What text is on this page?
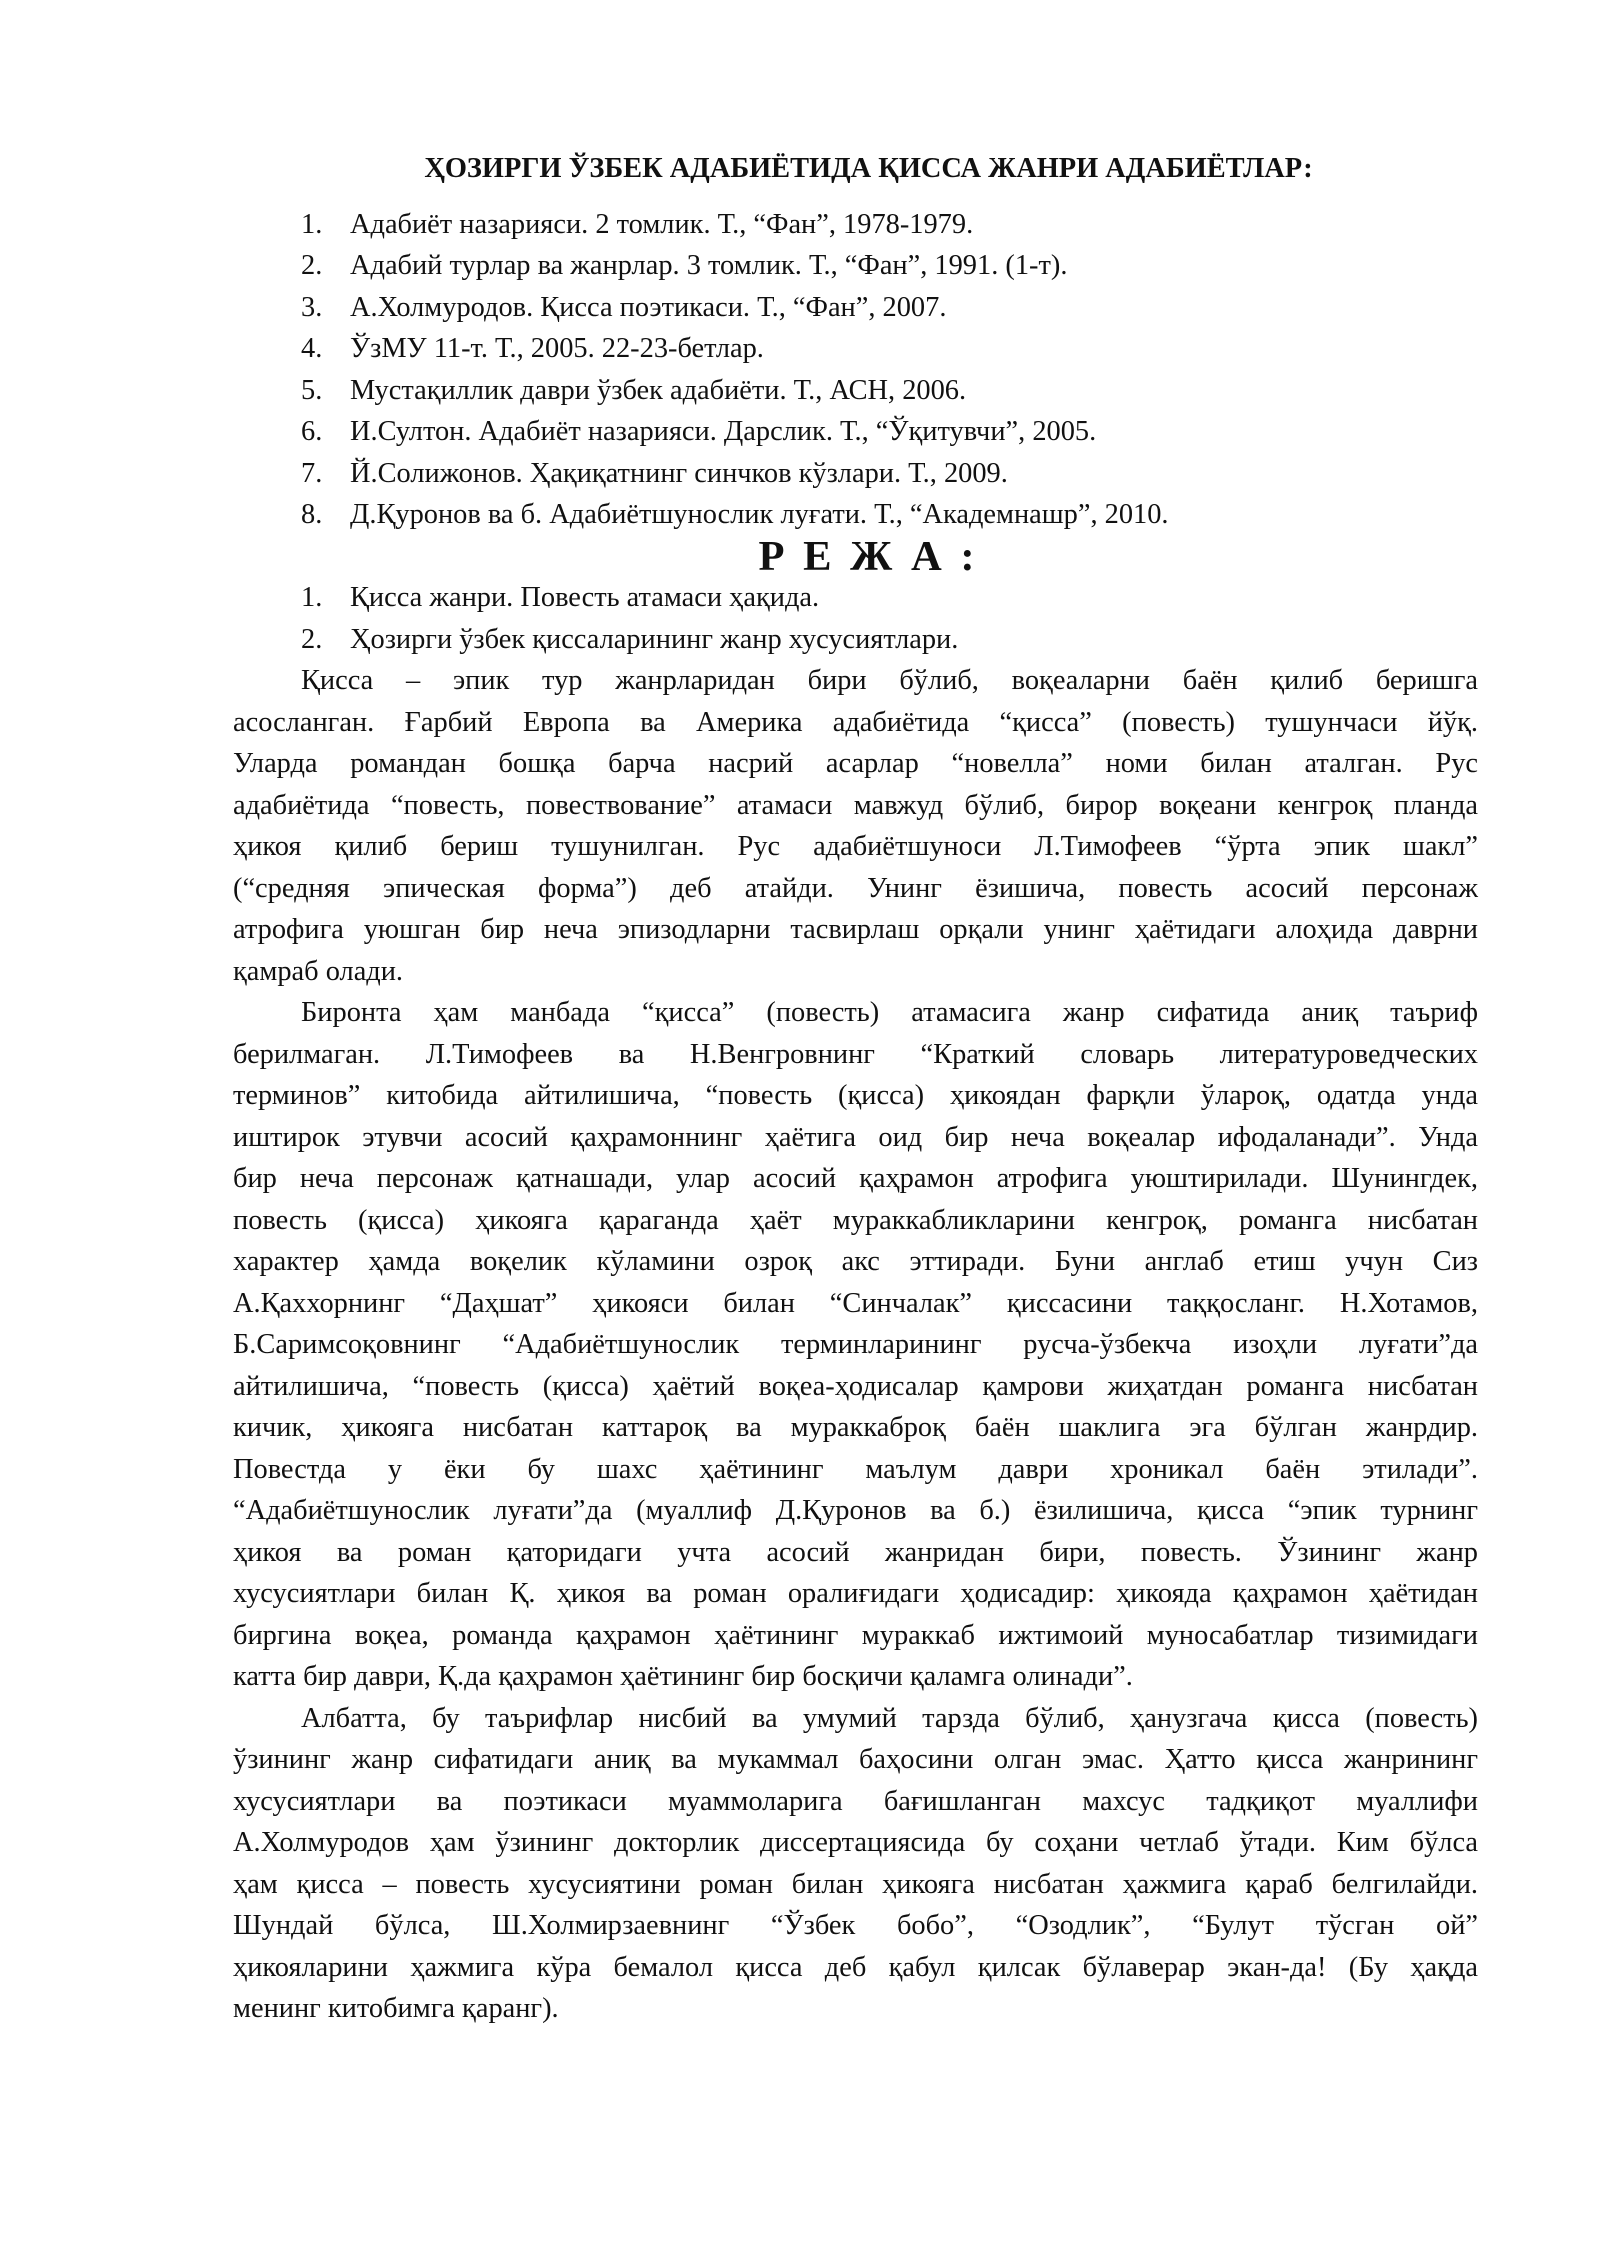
ҲОЗИРГИ ЎЗБЕК АДАБИЁТИДА ҚИССА ЖАНРИ АДАБИЁТЛАР:
1. Адабиёт назарияси. 2 томлик. Т., “Фан”, 1978-1979.
2. Адабий турлар ва жанрлар. 3 томлик. Т., “Фан”, 1991. (1-т).
3. А.Холмуродов. Қисса поэтикаси. Т., “Фан”, 2007.
4. ЎзМУ 11-т. Т., 2005. 22-23-бетлар.
5. Мустақиллик даври ўзбек адабиёти. Т., АСН, 2006.
6. И.Султон. Адабиёт назарияси. Дарслик. Т., “Ўқитувчи”, 2005.
7. Й.Солижонов. Ҳақиқатнинг синчков кўзлари. Т., 2009.
8. Д.Қуронов ва б. Адабиётшунослик луғати. Т., “Академнашр”, 2010.
Р Е Ж А :
1. Қисса жанри. Повесть атамаси ҳақида.
2. Ҳозирги ўзбек қиссаларининг жанр хусусиятлари.

Қисса – эпик тур жанрларидан бири бўлиб, воқеаларни баён қилиб беришга
асосланган. Ғарбий Европа ва Америка адабиётида “қисса” (повесть) тушунчаси йўқ.
Уларда романдан бошқа барча насрий асарлар “новелла” номи билан аталган. Рус
адабиётида “повесть, повествование” атамаси мавжуд бўлиб, бирор воқеани кенгроқ планда
ҳикоя қилиб бериш тушунилган. Рус адабиётшуноси Л.Тимофеев “ўрта эпик шакл”
(“средняя эпическая форма”) деб атайди. Унинг ёзишича, повесть асосий персонаж
атрофига уюшган бир неча эпизодларни тасвирлаш орқали унинг ҳаётидаги алоҳида даврни
қамраб олади.

Биронта ҳам манбада “қисса” (повесть) атамасига жанр сифатида аниқ таъриф
берилмаган. Л.Тимофеев ва Н.Венгровнинг “Краткий словарь литературоведческих
терминов” китобида айтилишича, “повесть (қисса) ҳикоядан фарқли ўлароқ, одатда унда
иштирок этувчи асосий қаҳрамоннинг ҳаётига оид бир неча воқеалар ифодаланади”. Унда
бир неча персонаж қатнашади, улар асосий қаҳрамон атрофига уюштирилади. Шунингдек,
повесть (қисса) ҳикояга қараганда ҳаёт мураккабликларини кенгроқ, романга нисбатан
характер ҳамда воқелик кўламини озроқ акс эттиради. Буни англаб етиш учун Сиз
А.Қаххорнинг “Даҳшат” ҳикояси билан “Синчалак” қиссасини таққосланг. Н.Хотамов,
Б.Саримсоқовнинг “Адабиётшунослик терминларининг русча-ўзбекча изоҳли луғати”да
айтилишича, “повесть (қисса) ҳаётий воқеа-ҳодисалар қамрови жиҳатдан романга нисбатан
кичик, ҳикояга нисбатан каттароқ ва мураккаброқ баён шаклига эга бўлган жанрдир.
Повестда у ёки бу шахс ҳаётининг маълум даври хроникал баён этилади”.
“Адабиётшунослик луғати”да (муаллиф Д.Қуронов ва б.) ёзилишича, қисса “эпик турнинг
ҳикоя ва роман қаторидаги учта асосий жанридан бири, повесть. Ўзининг жанр
хусусиятлари билан Қ. ҳикоя ва роман оралиғидаги ҳодисадир: ҳикояда қаҳрамон ҳаётидан
биргина воқеа, романда қаҳрамон ҳаётининг мураккаб ижтимоий муносабатлар тизимидаги
катта бир даври, Қ.да қаҳрамон ҳаётининг бир босқичи қаламга олинади”.

Албатта, бу таърифлар нисбий ва умумий тарзда бўлиб, ҳанузгача қисса (повесть)
ўзининг жанр сифатидаги аниқ ва мукаммал баҳосини олган эмас. Ҳатто қисса жанрининг
хусусиятлари ва поэтикаси муаммоларига бағишланган махсус тадқиқот муаллифи
А.Холмуродов ҳам ўзининг докторлик диссертациясида бу соҳани четлаб ўтади. Ким бўлса
ҳам қисса – повесть хусусиятини роман билан ҳикояга нисбатан ҳажмига қараб белгилайди.
Шундай бўлса, Ш.Холмирзаевнинг “Ўзбек бобо”, “Озодлик”, “Булут тўсган ой”
ҳикояларини ҳажмига кўра бемалол қисса деб қабул қилсак бўлаверар экан-да! (Бу ҳақда
менинг китобимга қаранг).
